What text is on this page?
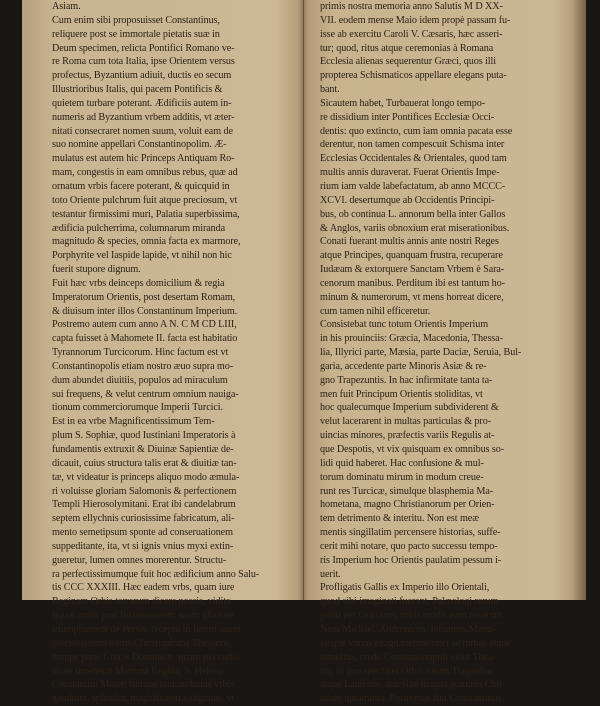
Asiam.
Cum enim sibi proposuisset Constantinus,
reliquere post se immortale pietatis suæ in
Deum specimen, relicta Pontifici Romano ve-
re Roma cum tota Italia, ipse Orientem versus
profectus, Byzantium adiuit, ductis eo secum
Illustrioribus Italis, qui pacem Pontificis &
quietem turbare poterant. Ædificiis autem in-
numeris ad Byzantium vrbem additis, vt æter-
nitati consecraret nomen suum, voluit eam de
suo nomine appellari Constantinopolim. Æ-
mulatus est autem hic Princeps Antiquam Ro-
mam, congestis in eam omnibus rebus, quæ ad
ornatum vrbis facere poterant, & quicquid in
toto Oriente pulchrum fuit atque preciosum, vt
testantur firmissimi muri, Palatia superbissima,
ædificia pulcherrima, columnarum miranda
magnitudo & species, omnia facta ex marmore,
Porphyrite vel Iaspide lapide, vt nihil non hic
fuerit stupore dignum.
Fuit hæc vrbs deinceps domicilium & regia
Imperatorum Orientis, post desertam Romam,
& diuisum inter illos Constantinum Imperium.
Postremo autem cum anno A N. C M CD LIII,
capta fuisset à Mahomete II. facta est habitatio
Tyrannorum Turcicorum. Hinc factum est vt
Constantinopolis etiam nostro æuo supra mo-
dum abundet diuitiis, populos ad miraculum
sui frequens, & velut centrum omnium nauiga-
tionum commerciorumque Imperii Turcici.
Est in ea vrbe Magnificentissimum Tem-
plum S. Sophiæ, quod Iustiniani Imperatoris à
fundamentis extruxit & Diuinæ Sapientiæ de-
dicauit, cuius structura talis erat & diuitiæ tan-
tæ, vt videatur is princeps aliquo modo æmula-
ri voluisse gloriam Salomonis & perfectionem
Templi Hierosolymitani. Erat ibi candelabrum
septem ellychnis curiosissime fabricatum, ali-
mento semetipsum sponte ad conseruationem
suppeditante, ita, vt si ignis vnius myxi extin-
gueretur, lumen omnes morerentur. Structu-
ra perfectissimumque fuit hoc ædificium anno Salu-
tis CCC XXXIII. Hæc eadem vrbs, quam iure
Reginam Orbis terrarum dicere possis, vidita-
liquot annis post Instauratorem suum gloriose
triumphantem de Persis, recepto in finum suum
preciosissimo totius Christianitatis Thesauro,
nempe parte Crucis Dominicæ, quam pia curio-
sitate inuenerat Matrona Regina, S. Helena
Constantini Mater; fuitque tantum huius vrbis
gaudium, splendor, magnificentia, dignitas, vt
primis nostra memoria anno Salutis M D XX-
VII. eodem mense Maio idem propè passam fu-
isse ab exercitu Caroli V. Cæsaris, hæc asseri-
tur; quod, ritus atque ceremonias à Romana
Ecclesia alienas sequerentur Græci, quos illi
propterea Schismaticos appellare elegans puta-
bant.
Sicautem habet, Turbauerat longo tempo-
re dissidium inter Pontifices Ecclesiæ Occi-
dentis: quo extincto, cum iam omnia pacata esse
derentur, non tamen compescuit Schisma inter
Ecclesias Occidentales & Orientales, quod tam
multis annis duraverat. Fuerat Orientis Impe-
rium iam valde labefactatum, ab anno MCCC-
XCVI. desertumque ab Occidentis Principi-
bus, ob continua L. annorum bella inter Gallos
& Anglos, variis obnoxium erat miserationibus.
Conati fuerant multis annis ante nostri Reges
atque Principes, quanquam frustra, recuperare
Iudæam & extorquere Sanctam Vrbem è Sara-
cenorum manibus. Perditum ibi est tantum ho-
minum & numerorum, vt mens horreat dicere,
cum tamen nihil efficeretur.
Consistebat tunc totum Orientis Imperium
in his prouinciis: Græcia, Macedonia, Thessa-
lia, Illyrici parte, Mæsia, parte Daciæ, Seruia, Bul-
garia, accedente parte Minoris Asiæ & re-
gno Trapezuntis. In hac infirmitate tanta ta-
men fuit Principum Orientis stoliditas, vt
hoc qualecumque Imperium subdividerent &
velut lacerarent in multas particulas & pro-
uincias minores, præfectis variis Regulis at-
que Despotis, vt vix quisquam ex omnibus so-
lidi quid haberet. Hac confusione & mul-
torum dominatu mirum in modum creue-
runt res Turcicæ, simulque blasphemia Ma-
hometana, magno Christianorum per Orien-
tem detrimento & interitu. Non est meæ
mentis singillatim percensere historias, suffe-
cerit mihi notare, quo pacto successu tempo-
ris Imperium hoc Orientis paulatim pessum i-
uerit.
Profligatis Gallis ex Imperio illo Orientali,
quod sibi imaginati fuerant, Palæologi rerum
potiti per Græciam, miris modis eam rexerunt.
Nam Michael, Andronicus, Iohannes Manu-
eleque varias exagitauerunt inter se turbas atque
tumultus, credo Constantinopoli velut Thea-
tro, in quo spectaret Orbis totum Tragœdias
atque Lanienas, non sine magna nominis Chri-
stiani ignominia. Postremus fuit Constantinus
